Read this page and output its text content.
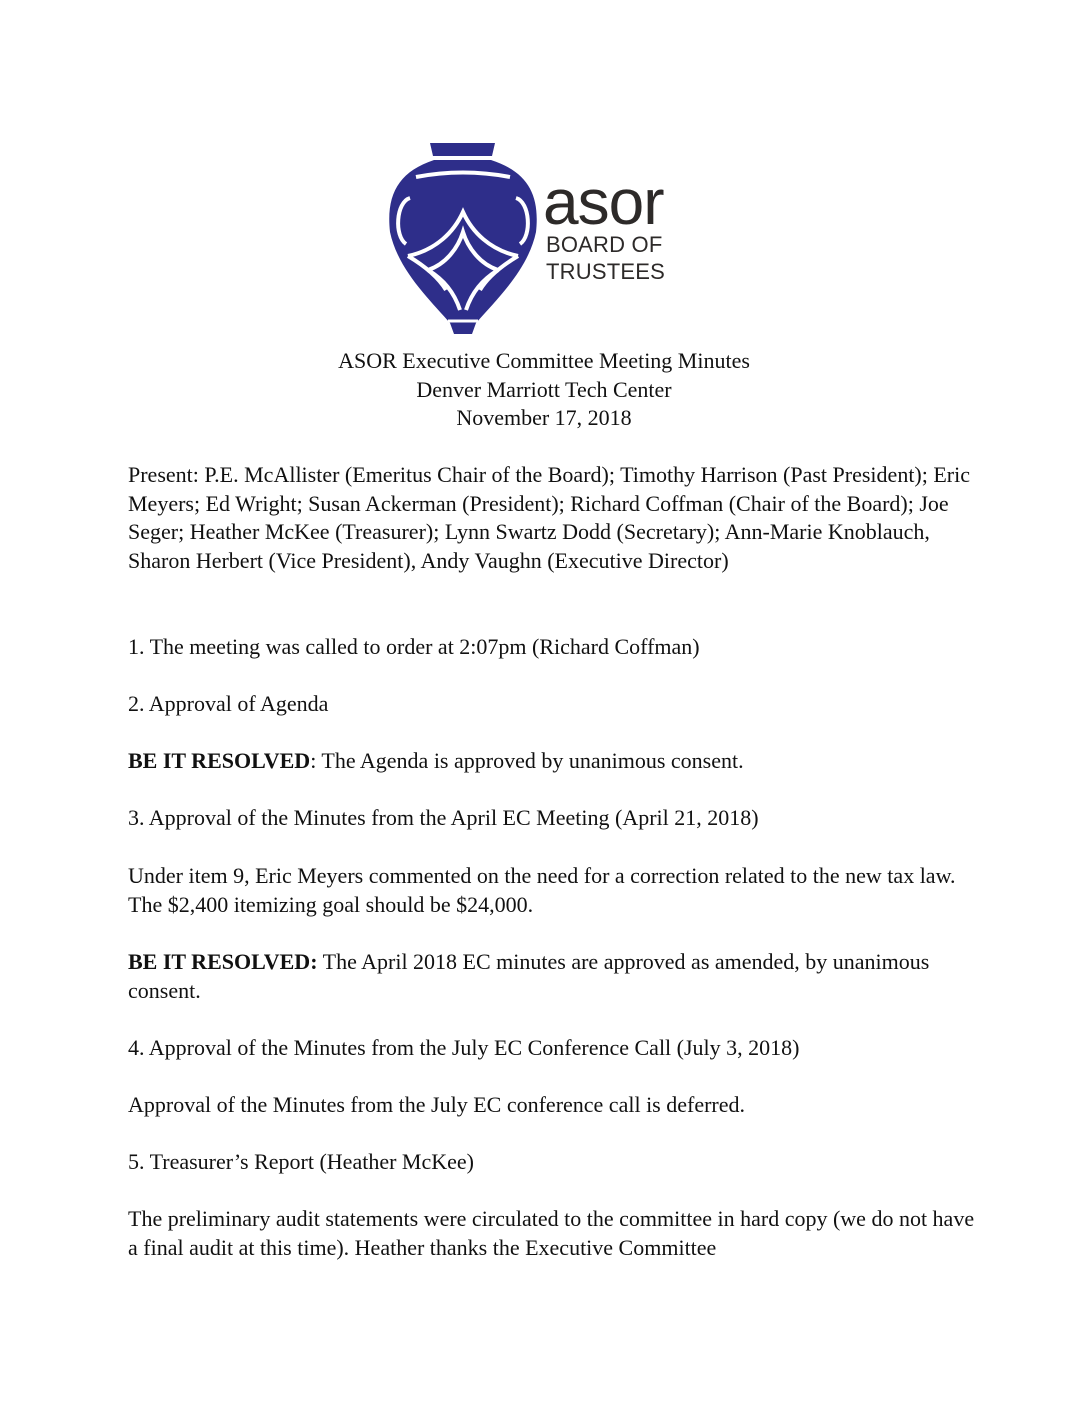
asor
BOARD OF
TRUSTEES
ASOR Executive Committee Meeting Minutes
Denver Marriott Tech Center
November 17, 2018
Present: P.E. McAllister (Emeritus Chair of the Board); Timothy Harrison (Past President); Eric Meyers; Ed Wright; Susan Ackerman (President); Richard Coffman (Chair of the Board); Joe Seger; Heather McKee (Treasurer); Lynn Swartz Dodd (Secretary); Ann-Marie Knoblauch, Sharon Herbert (Vice President), Andy Vaughn (Executive Director)
1. The meeting was called to order at 2:07pm (Richard Coffman)
2. Approval of Agenda
BE IT RESOLVED: The Agenda is approved by unanimous consent.
3. Approval of the Minutes from the April EC Meeting (April 21, 2018)
Under item 9, Eric Meyers commented on the need for a correction related to the new tax law. The $2,400 itemizing goal should be $24,000.
BE IT RESOLVED: The April 2018 EC minutes are approved as amended, by unanimous consent.
4. Approval of the Minutes from the July EC Conference Call (July 3, 2018)
Approval of the Minutes from the July EC conference call is deferred.
5. Treasurer’s Report (Heather McKee)
The preliminary audit statements were circulated to the committee in hard copy (we do not have a final audit at this time). Heather thanks the Executive Committee
